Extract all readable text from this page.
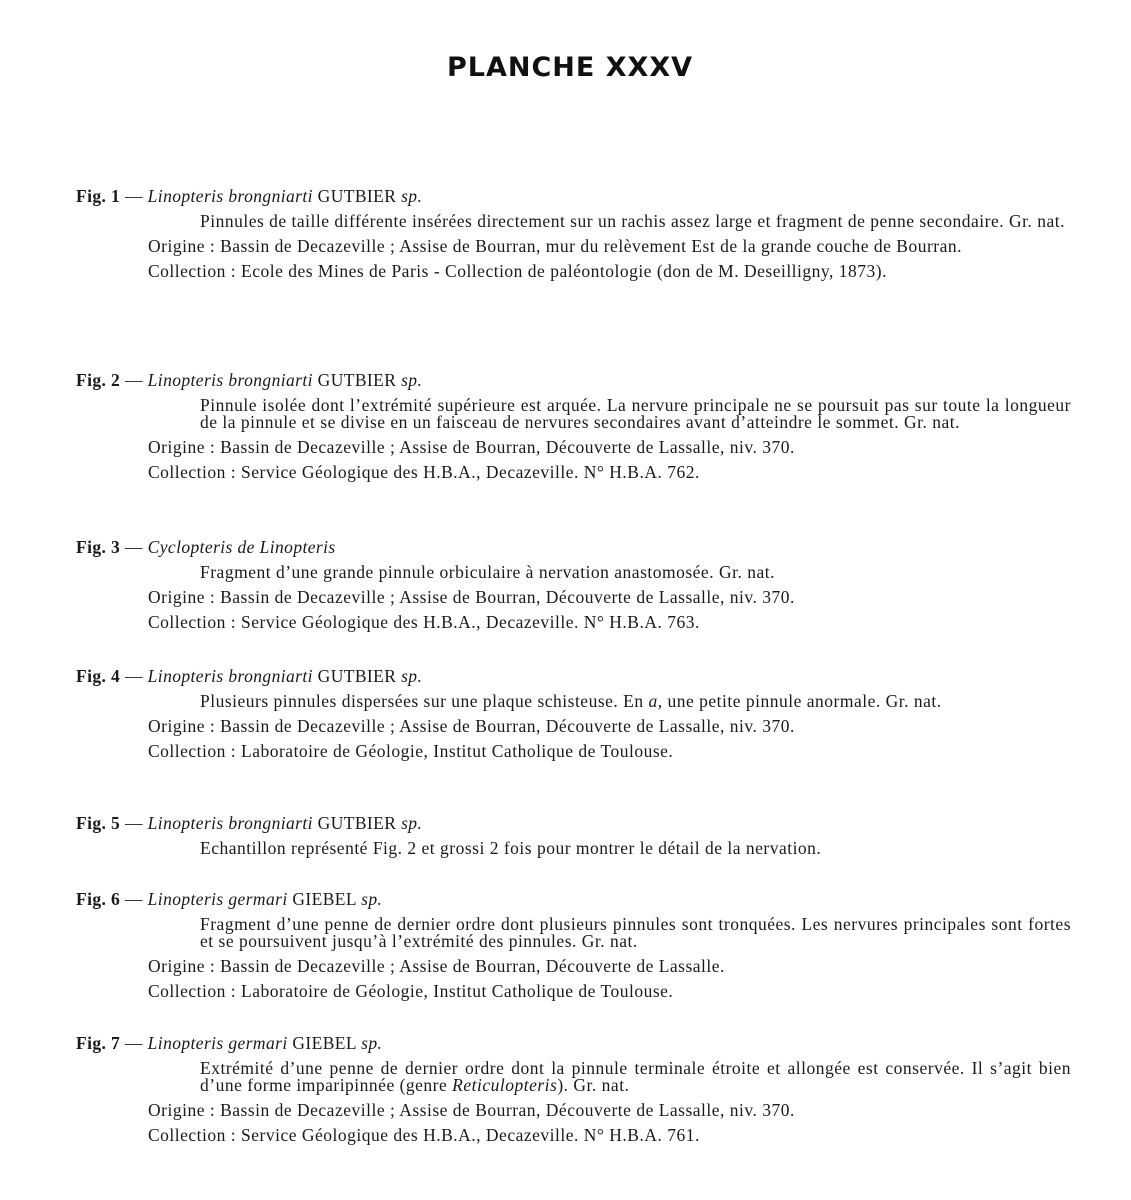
PLANCHE XXXV
Fig. 1 — Linopteris brongniarti GUTBIER sp.
Pinnules de taille différente insérées directement sur un rachis assez large et fragment de penne secondaire. Gr. nat.
Origine : Bassin de Decazeville ; Assise de Bourran, mur du relèvement Est de la grande couche de Bourran.
Collection : Ecole des Mines de Paris - Collection de paléontologie (don de M. Deseilligny, 1873).
Fig. 2 — Linopteris brongniarti GUTBIER sp.
Pinnule isolée dont l’extrémité supérieure est arquée. La nervure principale ne se poursuit pas sur toute la longueur de la pinnule et se divise en un faisceau de nervures secondaires avant d’atteindre le sommet. Gr. nat.
Origine : Bassin de Decazeville ; Assise de Bourran, Découverte de Lassalle, niv. 370.
Collection : Service Géologique des H.B.A., Decazeville. N° H.B.A. 762.
Fig. 3 — Cyclopteris de Linopteris
Fragment d’une grande pinnule orbiculaire à nervation anastomosée. Gr. nat.
Origine : Bassin de Decazeville ; Assise de Bourran, Découverte de Lassalle, niv. 370.
Collection : Service Géologique des H.B.A., Decazeville. N° H.B.A. 763.
Fig. 4 — Linopteris brongniarti GUTBIER sp.
Plusieurs pinnules dispersées sur une plaque schisteuse. En a, une petite pinnule anormale. Gr. nat.
Origine : Bassin de Decazeville ; Assise de Bourran, Découverte de Lassalle, niv. 370.
Collection : Laboratoire de Géologie, Institut Catholique de Toulouse.
Fig. 5 — Linopteris brongniarti GUTBIER sp.
Echantillon représenté Fig. 2 et grossi 2 fois pour montrer le détail de la nervation.
Fig. 6 — Linopteris germari GIEBEL sp.
Fragment d’une penne de dernier ordre dont plusieurs pinnules sont tronquées. Les nervures principales sont fortes et se poursuivent jusqu’à l’extrémité des pinnules. Gr. nat.
Origine : Bassin de Decazeville ; Assise de Bourran, Découverte de Lassalle.
Collection : Laboratoire de Géologie, Institut Catholique de Toulouse.
Fig. 7 — Linopteris germari GIEBEL sp.
Extrémité d’une penne de dernier ordre dont la pinnule terminale étroite et allongée est conservée. Il s’agit bien d’une forme imparipinnée (genre Reticulopteris). Gr. nat.
Origine : Bassin de Decazeville ; Assise de Bourran, Découverte de Lassalle, niv. 370.
Collection : Service Géologique des H.B.A., Decazeville. N° H.B.A. 761.
